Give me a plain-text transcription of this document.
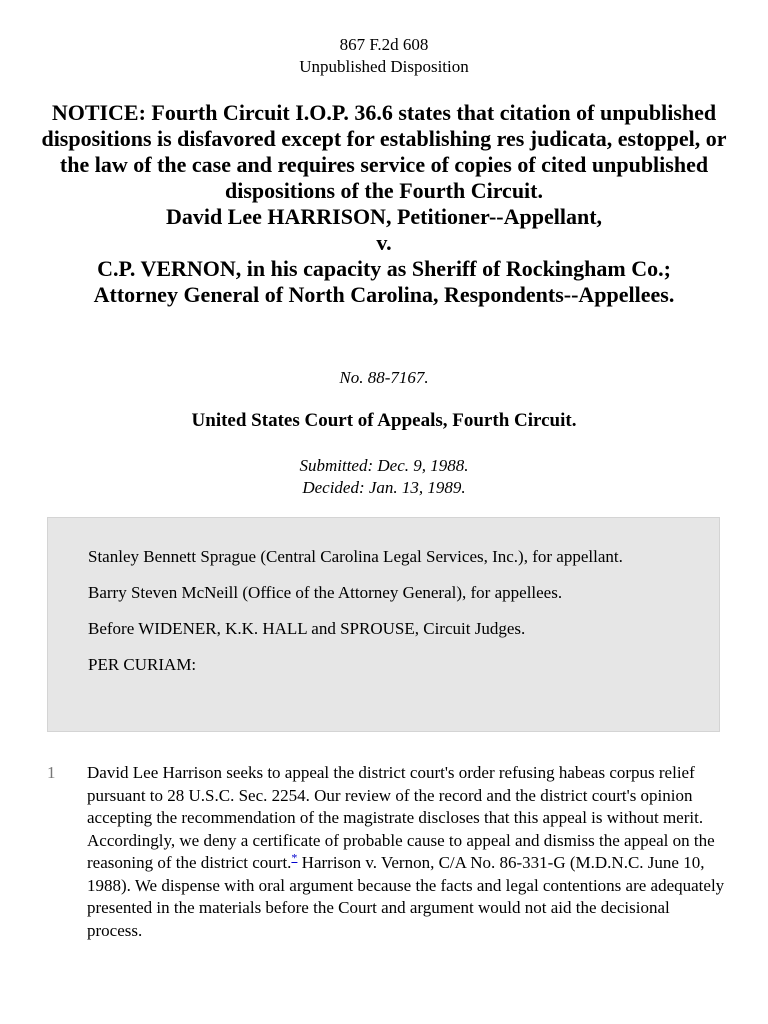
867 F.2d 608
Unpublished Disposition
NOTICE: Fourth Circuit I.O.P. 36.6 states that citation of unpublished dispositions is disfavored except for establishing res judicata, estoppel, or the law of the case and requires service of copies of cited unpublished dispositions of the Fourth Circuit.
David Lee HARRISON, Petitioner--Appellant,
v.
C.P. VERNON, in his capacity as Sheriff of Rockingham Co.;
Attorney General of North Carolina, Respondents--Appellees.
No. 88-7167.
United States Court of Appeals, Fourth Circuit.
Submitted: Dec. 9, 1988.
Decided: Jan. 13, 1989.

Stanley Bennett Sprague (Central Carolina Legal Services, Inc.), for appellant.

Barry Steven McNeill (Office of the Attorney General), for appellees.

Before WIDENER, K.K. HALL and SPROUSE, Circuit Judges.

PER CURIAM:

1 David Lee Harrison seeks to appeal the district court's order refusing habeas corpus relief pursuant to 28 U.S.C. Sec. 2254. Our review of the record and the district court's opinion accepting the recommendation of the magistrate discloses that this appeal is without merit. Accordingly, we deny a certificate of probable cause to appeal and dismiss the appeal on the reasoning of the district court.* Harrison v. Vernon, C/A No. 86-331-G (M.D.N.C. June 10, 1988). We dispense with oral argument because the facts and legal contentions are adequately presented in the materials before the Court and argument would not aid the decisional process.
